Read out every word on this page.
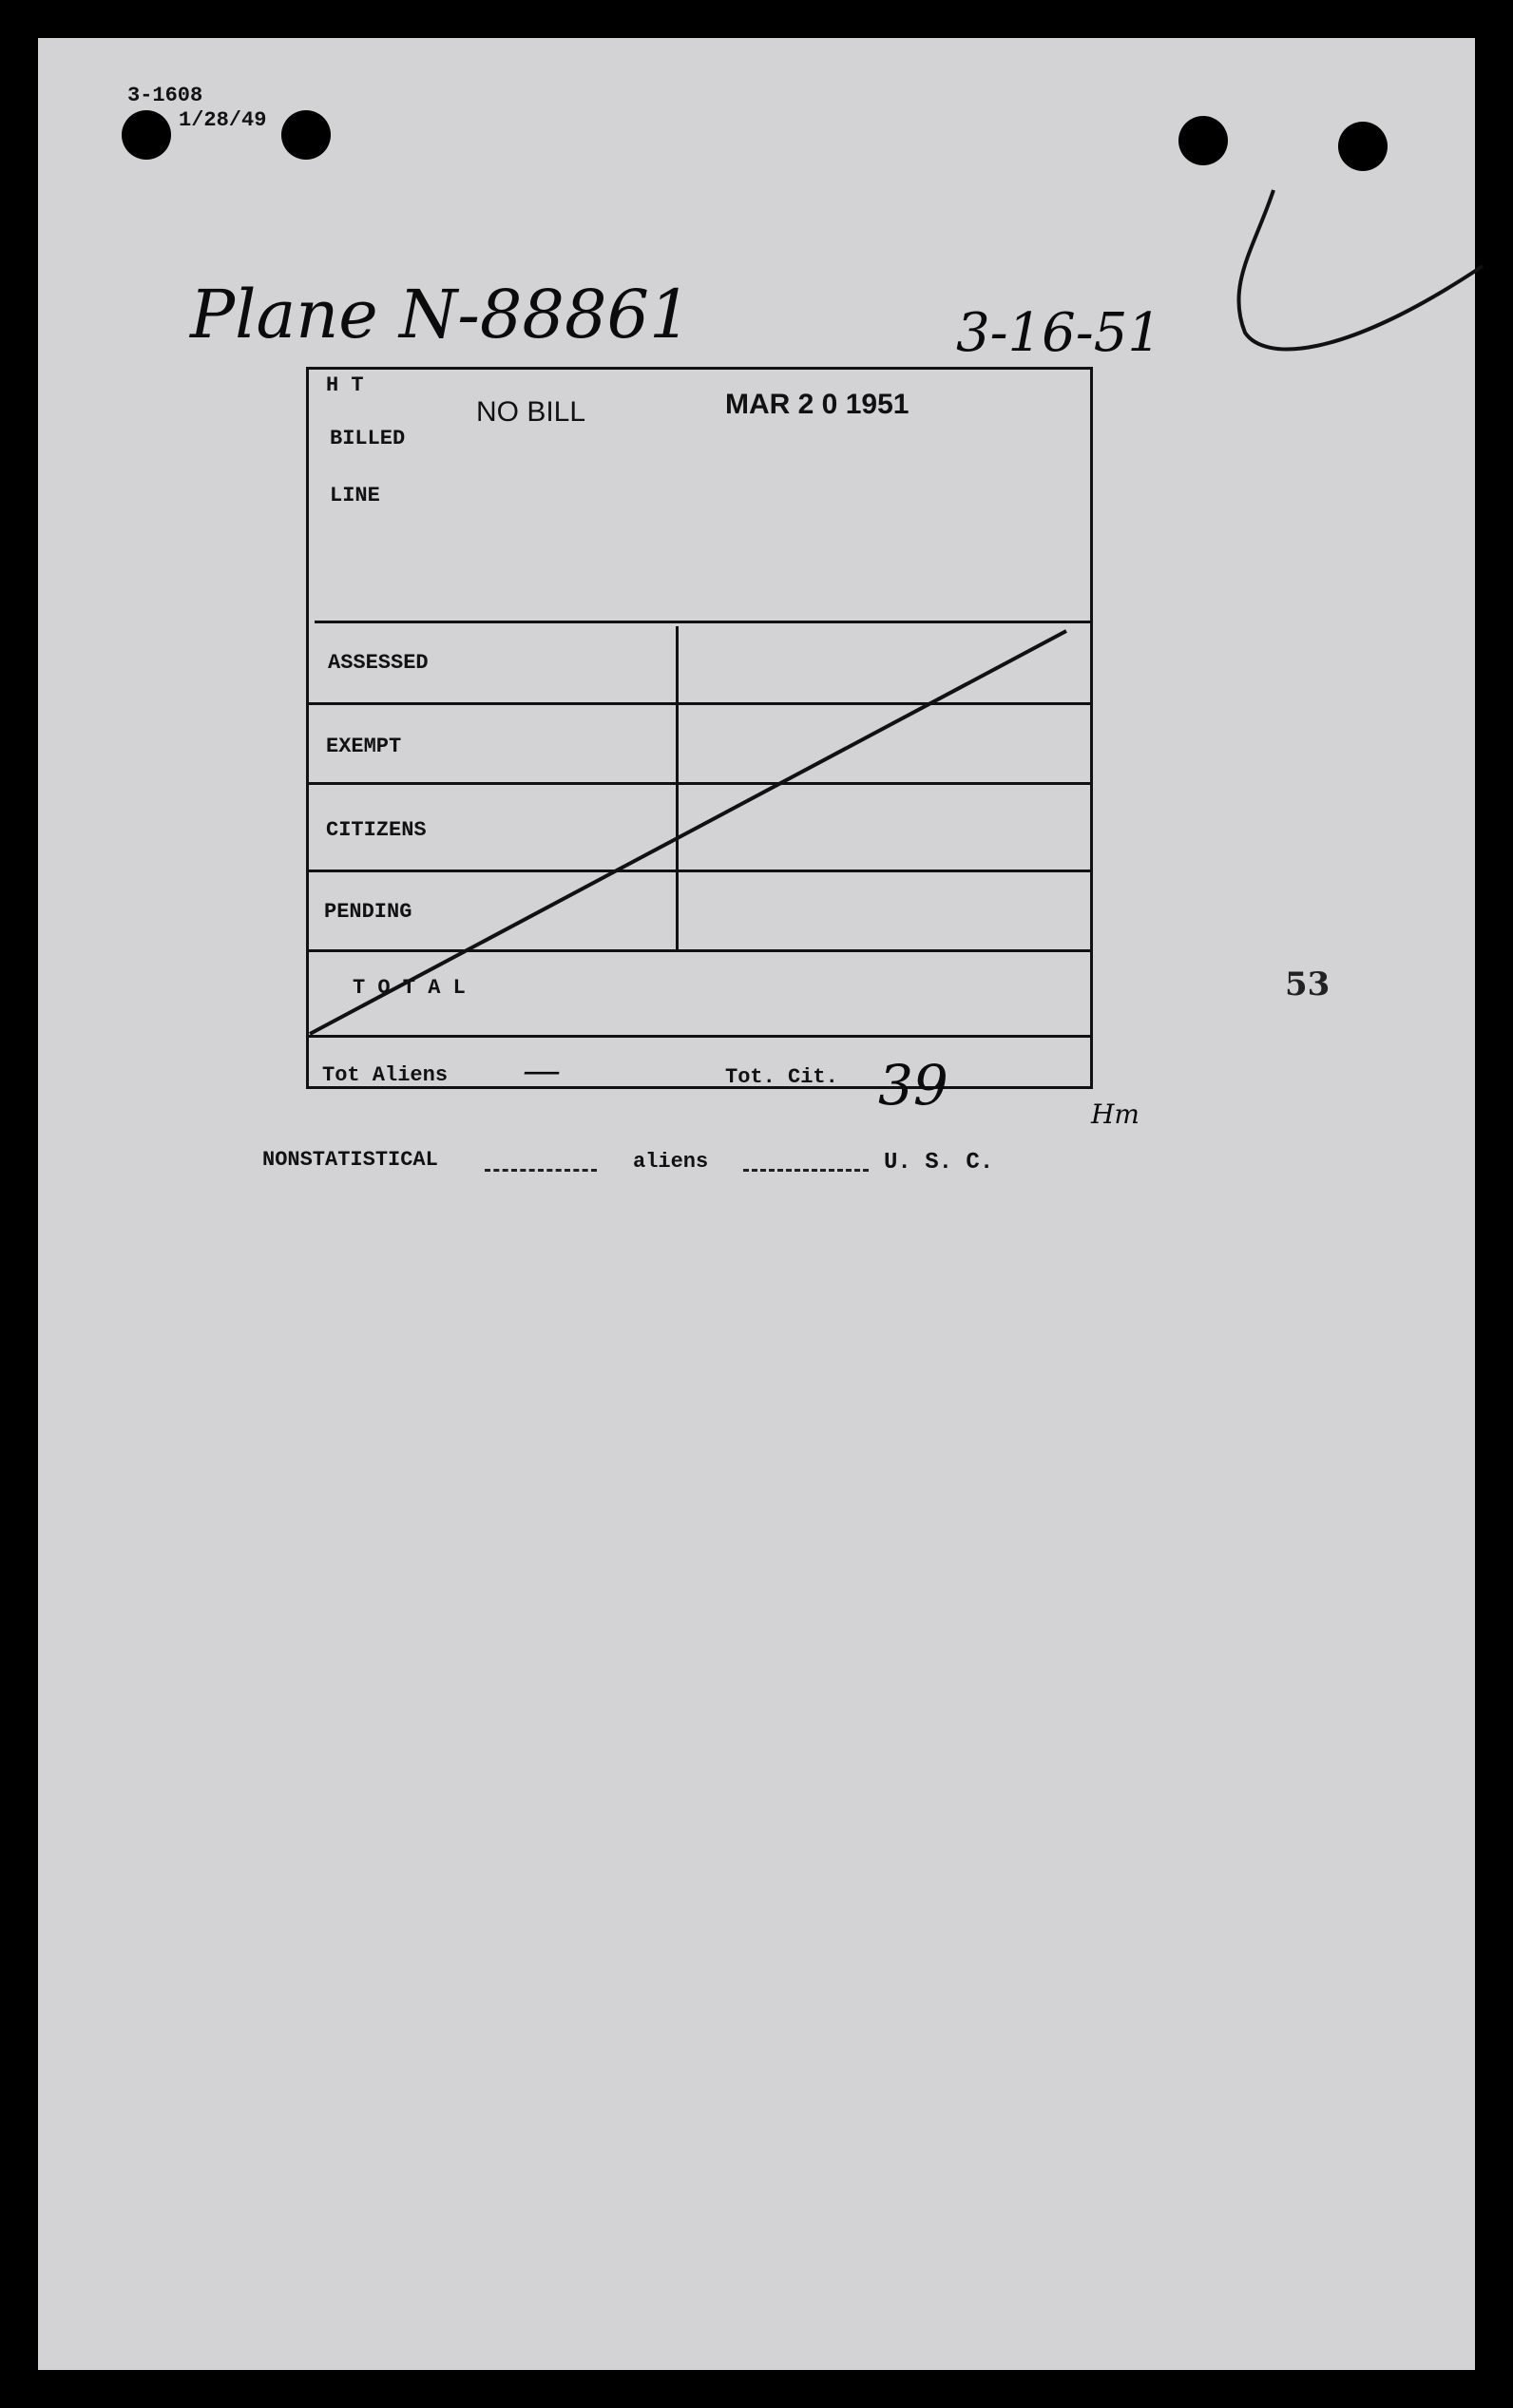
3-1608
1/28/49
Plane N-88861	3-16-51
H T
BILLED
LINE
NO BILL	MAR 2 0 1951
ASSESSED
EXEMPT
CITIZENS
PENDING
T O T A L
Tot Aliens	Tot. Cit.
—	39	Hm
NONSTATISTICAL	aliens	U. S. C.
53
